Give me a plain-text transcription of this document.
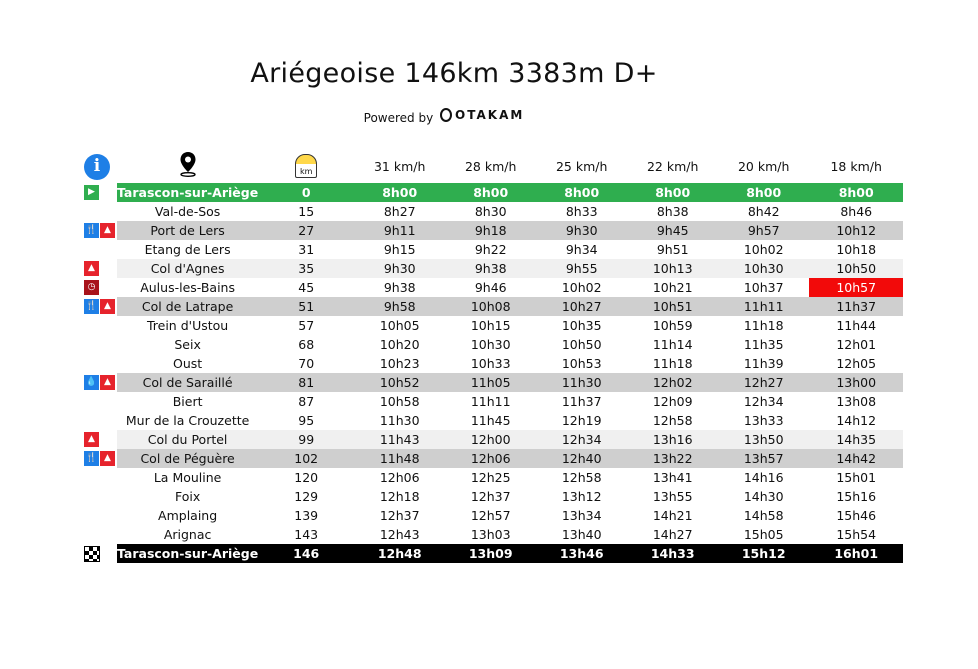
Ariégeoise 146km 3383m D+
Powered by OTAKAM
i		km	31 km/h	28 km/h	25 km/h	22 km/h	20 km/h	18 km/h

▶	Tarascon-sur-Ariège	0	8h00	8h00	8h00	8h00	8h00	8h00

	Val-de-Sos	15	8h27	8h30	8h33	8h38	8h42	8h46

🍴 ▲	Port de Lers	27	9h11	9h18	9h30	9h45	9h57	10h12

	Etang de Lers	31	9h15	9h22	9h34	9h51	10h02	10h18

▲	Col d'Agnes	35	9h30	9h38	9h55	10h13	10h30	10h50

◷	Aulus-les-Bains	45	9h38	9h46	10h02	10h21	10h37	10h57

🍴 ▲	Col de Latrape	51	9h58	10h08	10h27	10h51	11h11	11h37

	Trein d'Ustou	57	10h05	10h15	10h35	10h59	11h18	11h44

	Seix	68	10h20	10h30	10h50	11h14	11h35	12h01

	Oust	70	10h23	10h33	10h53	11h18	11h39	12h05

💧 ▲	Col de Saraillé	81	10h52	11h05	11h30	12h02	12h27	13h00

	Biert	87	10h58	11h11	11h37	12h09	12h34	13h08

	Mur de la Crouzette	95	11h30	11h45	12h19	12h58	13h33	14h12

▲	Col du Portel	99	11h43	12h00	12h34	13h16	13h50	14h35

🍴 ▲	Col de Péguère	102	11h48	12h06	12h40	13h22	13h57	14h42

	La Mouline	120	12h06	12h25	12h58	13h41	14h16	15h01

	Foix	129	12h18	12h37	13h12	13h55	14h30	15h16

	Amplaing	139	12h37	12h57	13h34	14h21	14h58	15h46

	Arignac	143	12h43	13h03	13h40	14h27	15h05	15h54

	Tarascon-sur-Ariège	146	12h48	13h09	13h46	14h33	15h12	16h01
